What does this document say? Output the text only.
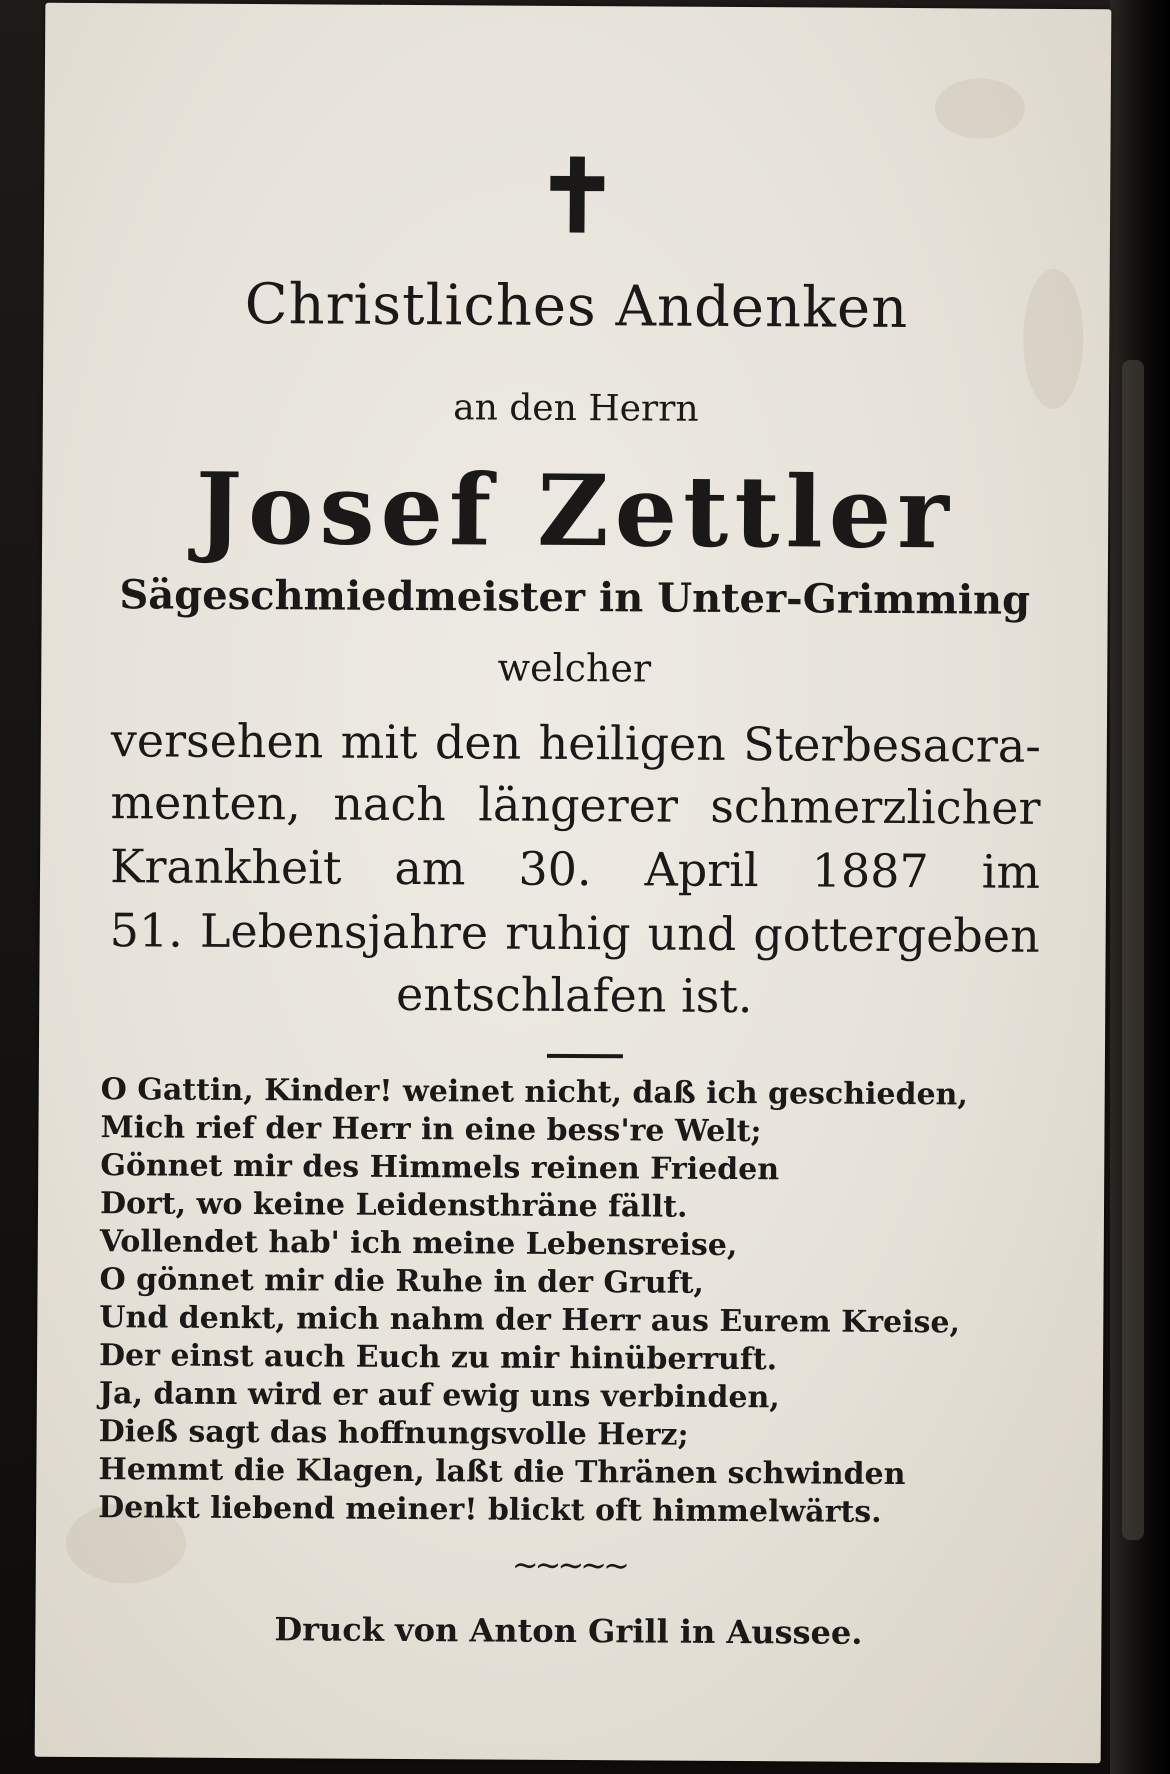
✝
Christliches Andenken
an den Herrn
Josef Zettler
Sägeschmiedmeister in Unter-Grimming
welcher
versehen mit den heiligen Sterbesacra-
menten, nach längerer schmerzlicher
Krankheit am 30. April 1887 im
51. Lebensjahre ruhig und gottergeben
entschlafen ist.
O Gattin, Kinder! weinet nicht, daß ich geschieden,
Mich rief der Herr in eine bess're Welt;
Gönnet mir des Himmels reinen Frieden
Dort, wo keine Leidensthräne fällt.
Vollendet hab' ich meine Lebensreise,
O gönnet mir die Ruhe in der Gruft,
Und denkt, mich nahm der Herr aus Eurem Kreise,
Der einst auch Euch zu mir hinüberruft.
Ja, dann wird er auf ewig uns verbinden,
Dieß sagt das hoffnungsvolle Herz;
Hemmt die Klagen, laßt die Thränen schwinden
Denkt liebend meiner! blickt oft himmelwärts.
~~~~~
Druck von Anton Grill in Aussee.
